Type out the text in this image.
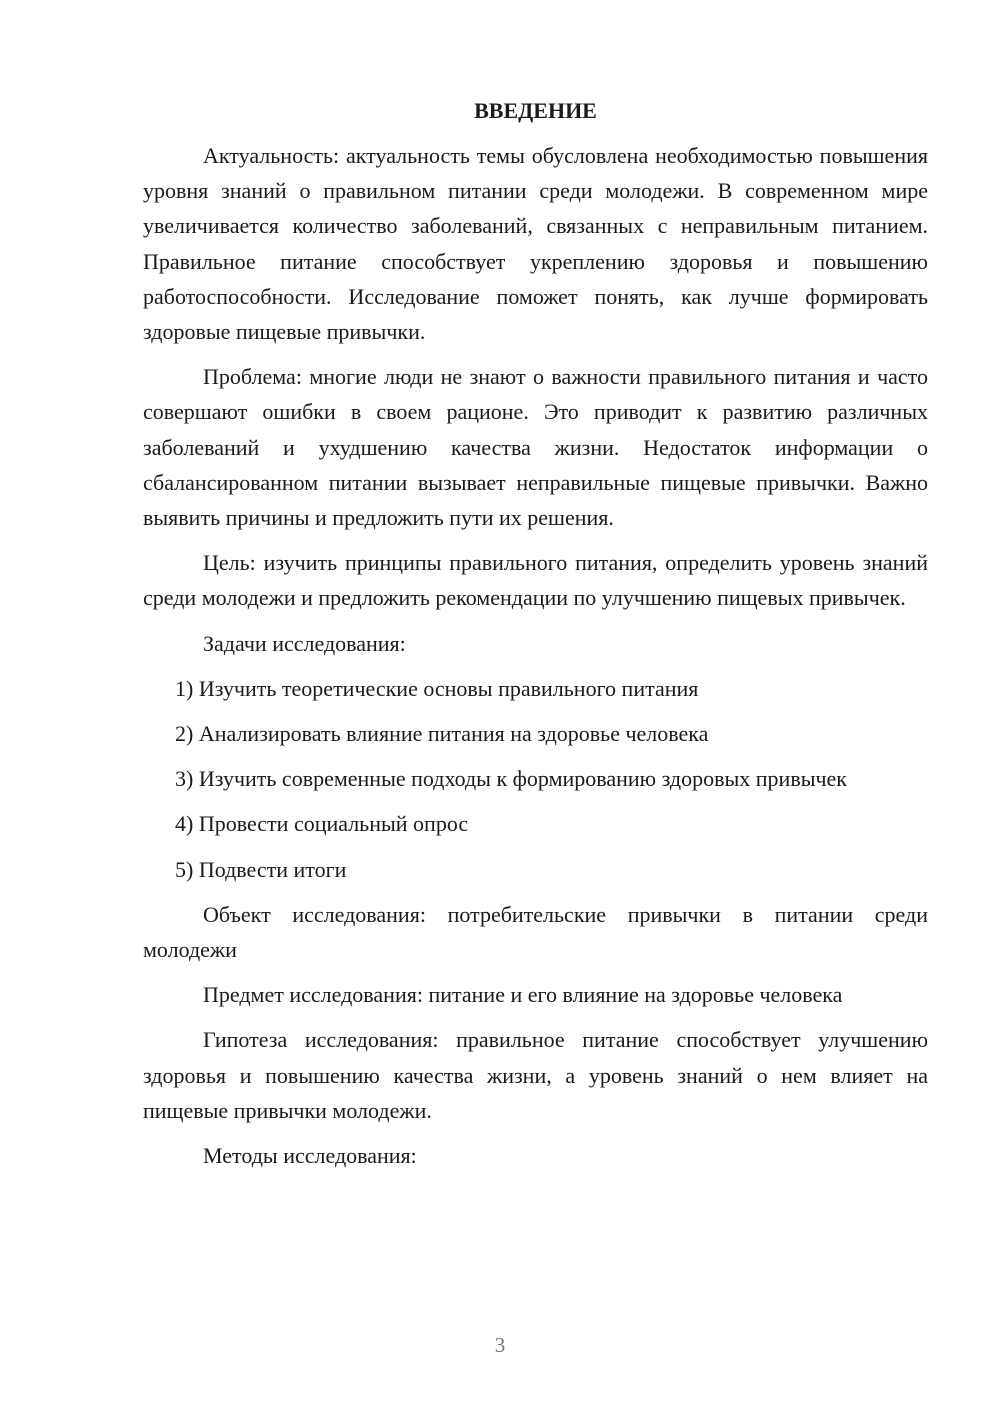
ВВЕДЕНИЕ

Актуальность: актуальность темы обусловлена необходимостью повышения уровня знаний о правильном питании среди молодежи. В современном мире увеличивается количество заболеваний, связанных с неправильным питанием. Правильное питание способствует укреплению здоровья и повышению работоспособности. Исследование поможет понять, как лучше формировать здоровые пищевые привычки.

Проблема: многие люди не знают о важности правильного питания и часто совершают ошибки в своем рационе. Это приводит к развитию различных заболеваний и ухудшению качества жизни. Недостаток информации о сбалансированном питании вызывает неправильные пищевые привычки. Важно выявить причины и предложить пути их решения.

Цель: изучить принципы правильного питания, определить уровень знаний среди молодежи и предложить рекомендации по улучшению пищевых привычек.

Задачи исследования:

1) Изучить теоретические основы правильного питания

2) Анализировать влияние питания на здоровье человека

3) Изучить современные подходы к формированию здоровых привычек

4) Провести социальный опрос

5) Подвести итоги

Объект исследования: потребительские привычки в питании среди молодежи

Предмет исследования: питание и его влияние на здоровье человека

Гипотеза исследования: правильное питание способствует улучшению здоровья и повышению качества жизни, а уровень знаний о нем влияет на пищевые привычки молодежи.

Методы исследования:

3
